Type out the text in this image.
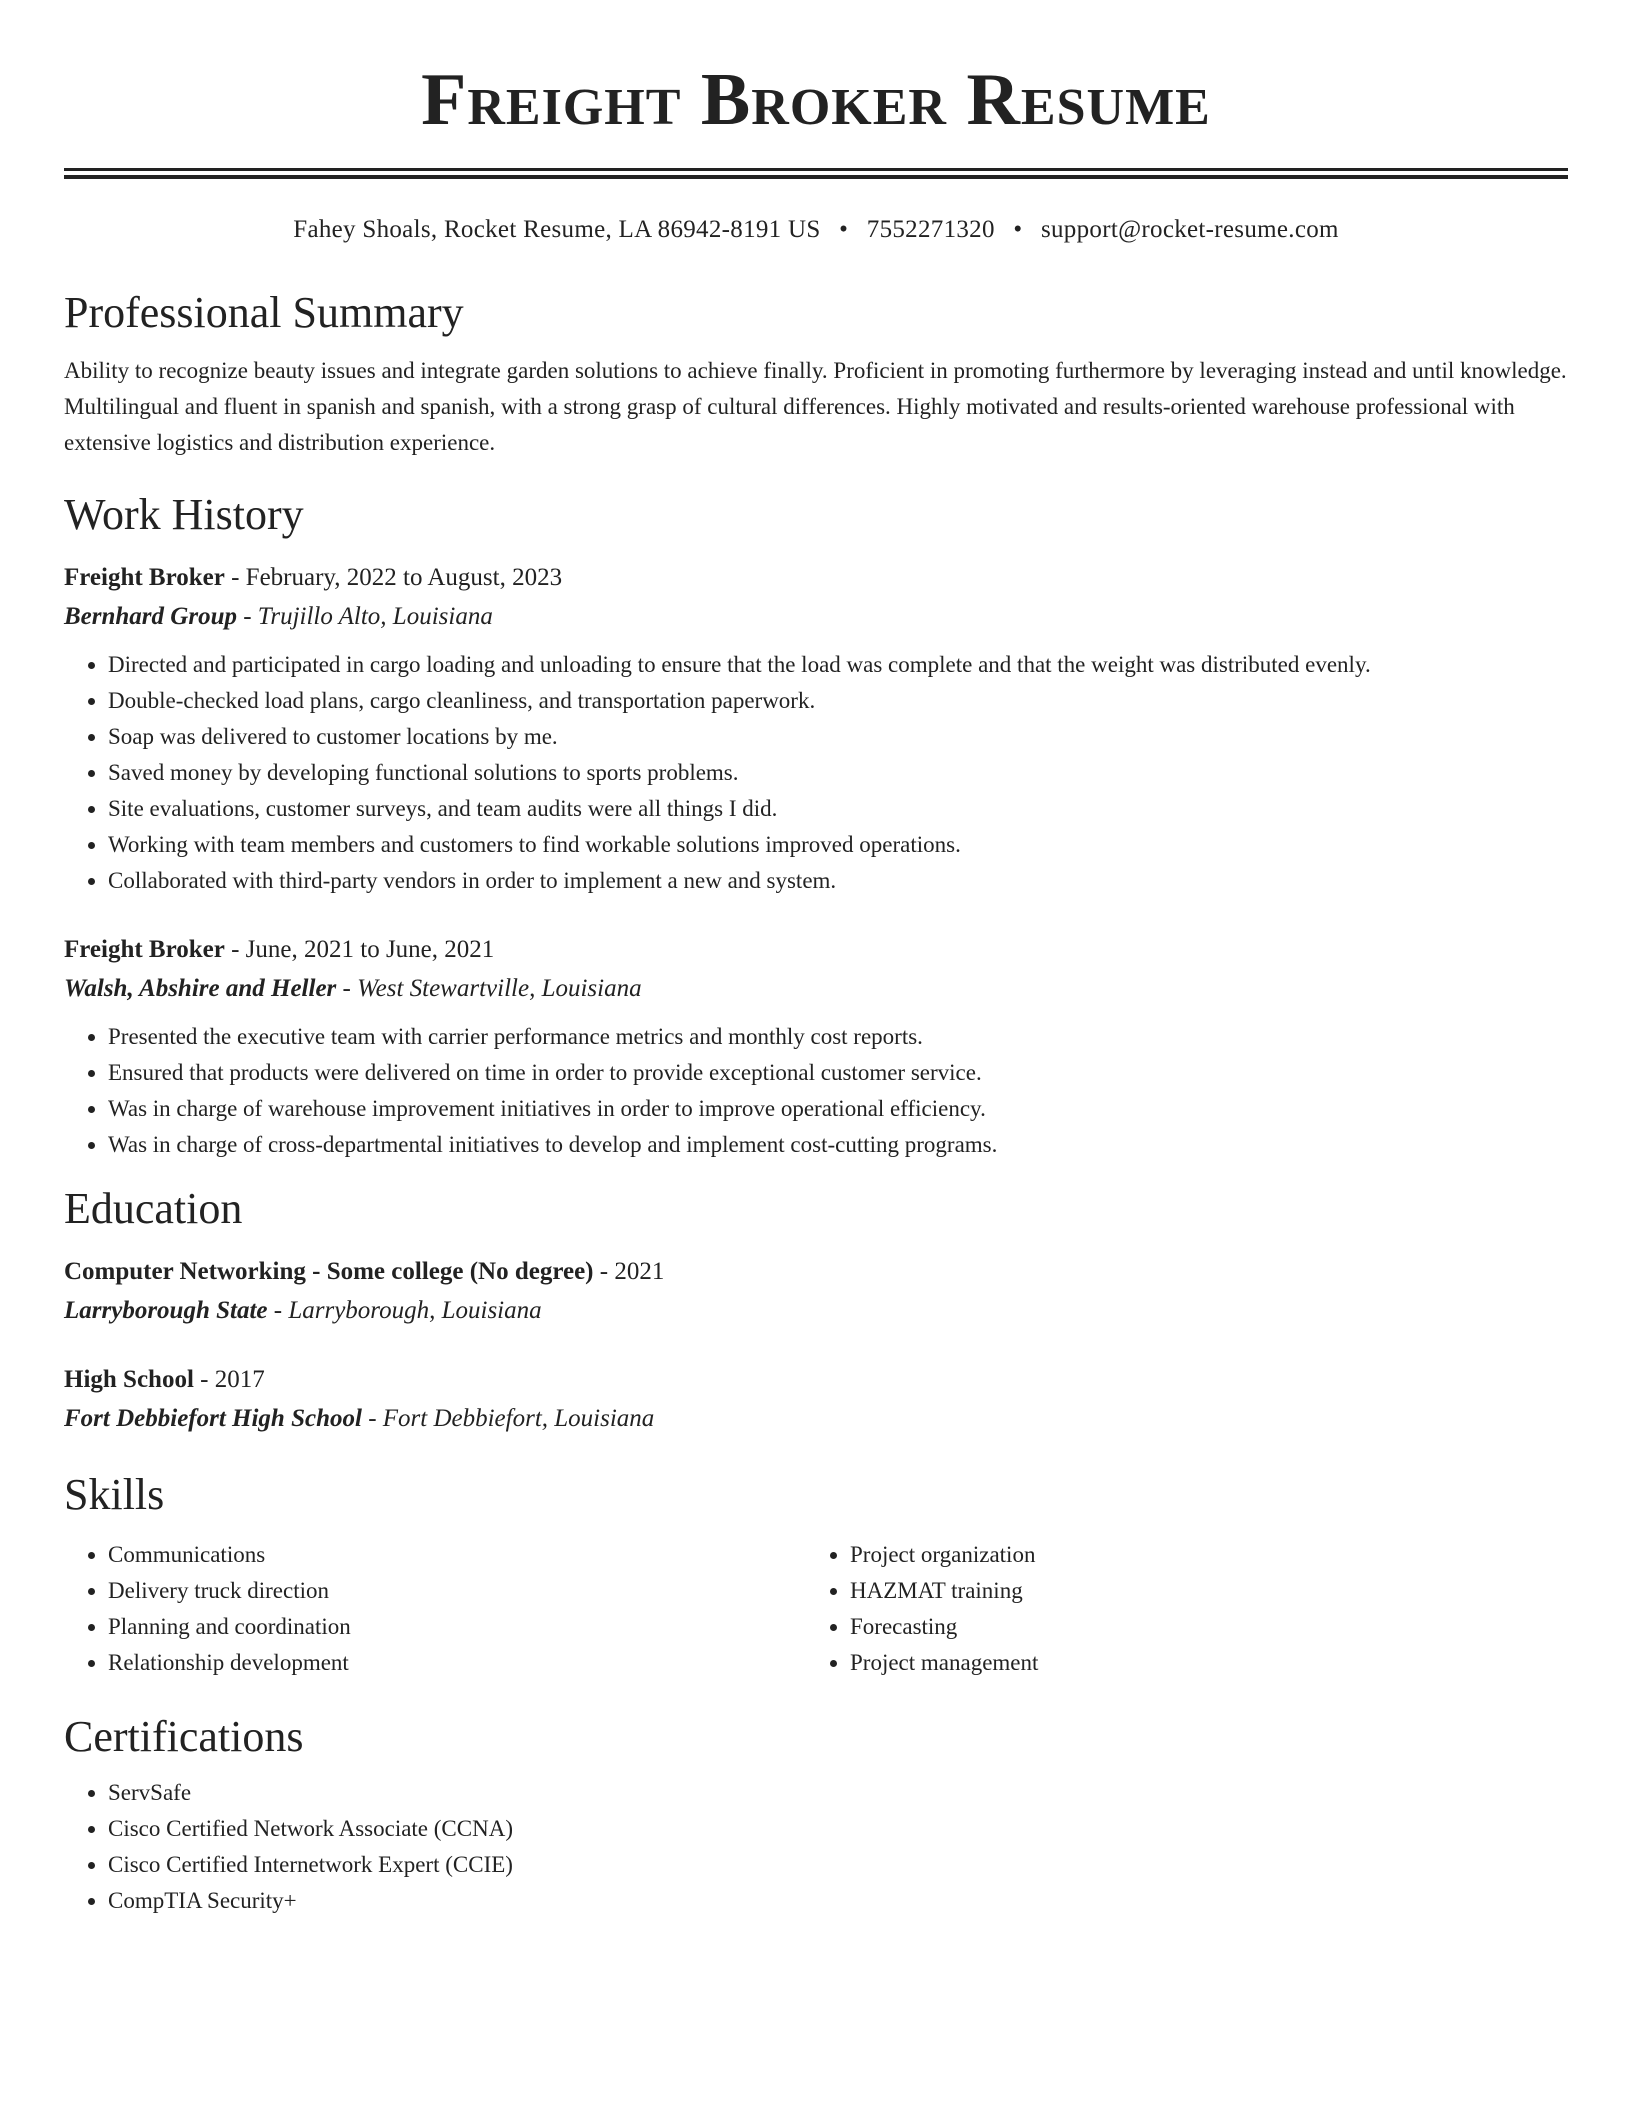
Freight Broker Resume
Fahey Shoals, Rocket Resume, LA 86942-8191 US • 7552271320 • support@rocket-resume.com
Professional Summary

Ability to recognize beauty issues and integrate garden solutions to achieve finally. Proficient in promoting furthermore by leveraging instead and until knowledge. Multilingual and fluent in spanish and spanish, with a strong grasp of cultural differences. Highly motivated and results-oriented warehouse professional with extensive logistics and distribution experience.

Work History
Freight Broker - February, 2022 to August, 2023
Bernhard Group - Trujillo Alto, Louisiana
• Directed and participated in cargo loading and unloading to ensure that the load was complete and that the weight was distributed evenly.
• Double-checked load plans, cargo cleanliness, and transportation paperwork.
• Soap was delivered to customer locations by me.
• Saved money by developing functional solutions to sports problems.
• Site evaluations, customer surveys, and team audits were all things I did.
• Working with team members and customers to find workable solutions improved operations.
• Collaborated with third-party vendors in order to implement a new and system.
Freight Broker - June, 2021 to June, 2021
Walsh, Abshire and Heller - West Stewartville, Louisiana
• Presented the executive team with carrier performance metrics and monthly cost reports.
• Ensured that products were delivered on time in order to provide exceptional customer service.
• Was in charge of warehouse improvement initiatives in order to improve operational efficiency.
• Was in charge of cross-departmental initiatives to develop and implement cost-cutting programs.
Education
Computer Networking - Some college (No degree) - 2021
Larryborough State - Larryborough, Louisiana
High School - 2017
Fort Debbiefort High School - Fort Debbiefort, Louisiana
Skills
• Communications
• Delivery truck direction
• Planning and coordination
• Relationship development
• Project organization
• HAZMAT training
• Forecasting
• Project management
Certifications
• ServSafe
• Cisco Certified Network Associate (CCNA)
• Cisco Certified Internetwork Expert (CCIE)
• CompTIA Security+
